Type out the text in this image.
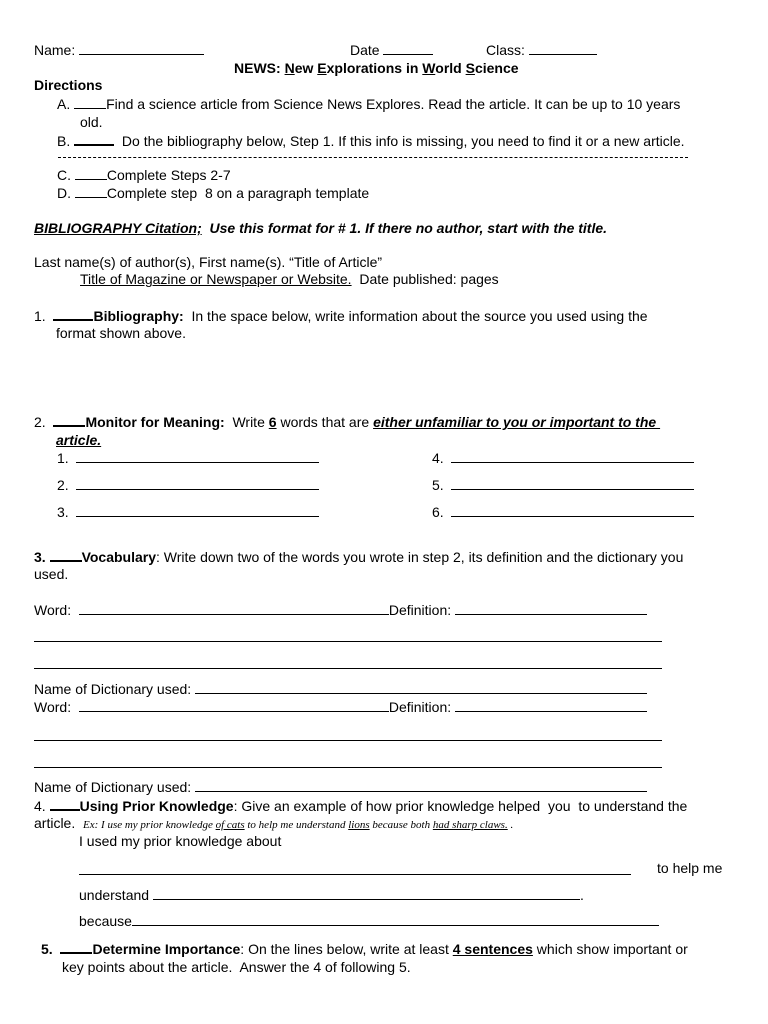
Name:	Date	Class:
NEWS: New Explorations in World Science
Directions
A.	Find a science article from Science News Explores. Read the article. It can be up to 10 years
old.
B.	Do the bibliography below, Step 1. If this info is missing, you need to find it or a new article.
C.	Complete Steps 2-7
D.	Complete step  8 on a paragraph template
BIBLIOGRAPHY Citation; Use this format for # 1. If there no author, start with the title.
Last name(s) of author(s), First name(s). “Title of Article”
Title of Magazine or Newspaper or Website.  Date published: pages
1.	Bibliography: In the space below, write information about the source you used using the
format shown above.
2.	Monitor for Meaning: Write 6 words that are either unfamiliar to you or important to the
article.
1.
2.
3.
4.
5.
6.
3.	Vocabulary: Write down two of the words you wrote in step 2, its definition and the dictionary you
used.
Word:	Definition:
Name of Dictionary used:
Word:	Definition:
Name of Dictionary used:
4. Using Prior Knowledge: Give an example of how prior knowledge helped  you  to understand the
article. Ex: I use my prior knowledge of cats to help me understand lions because both had sharp claws. .
I used my prior knowledge about
to help me
understand	.
because
5.	Determine Importance: On the lines below, write at least 4 sentences which show important or
key points about the article.  Answer the 4 of following 5.
